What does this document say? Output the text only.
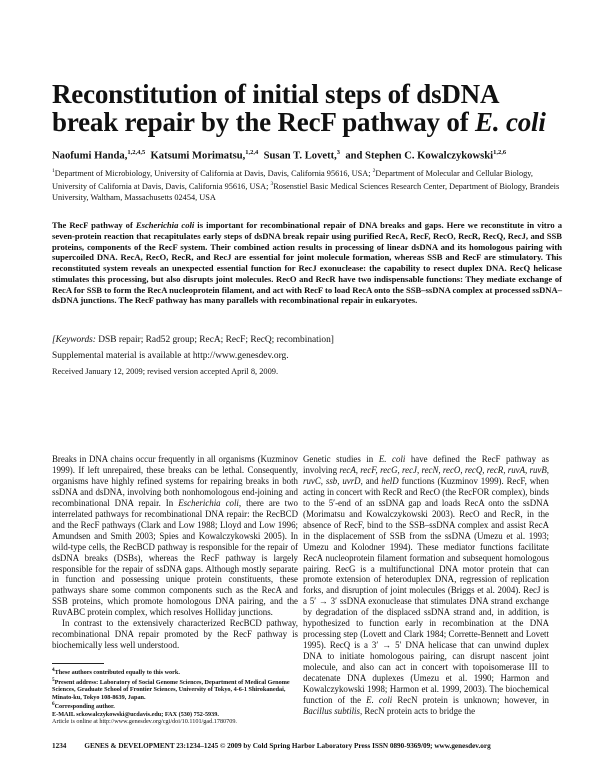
Reconstitution of initial steps of dsDNA break repair by the RecF pathway of E. coli
Naofumi Handa,$^{1,2,4,5}$ Katsumi Morimatsu,$^{1,2,4}$ Susan T. Lovett,$^3$ and Stephen C. Kowalczykowski$^{1,2,6}$

$^1$Department of Microbiology, University of California at Davis, Davis, California 95616, USA; $^2$Department of Molecular and Cellular Biology, University of California at Davis, Davis, California 95616, USA; $^3$Rosenstiel Basic Medical Sciences Research Center, Department of Biology, Brandeis University, Waltham, Massachusetts 02454, USA

The RecF pathway of Escherichia coli is important for recombinational repair of DNA breaks and gaps. Here we reconstitute in vitro a seven-protein reaction that recapitulates early steps of dsDNA break repair using purified RecA, RecF, RecO, RecR, RecQ, RecJ, and SSB proteins, components of the RecF system. Their combined action results in processing of linear dsDNA and its homologous pairing with supercoiled DNA. RecA, RecO, RecR, and RecJ are essential for joint molecule formation, whereas SSB and RecF are stimulatory. This reconstituted system reveals an unexpected essential function for RecJ exonuclease: the capability to resect duplex DNA. RecQ helicase stimulates this processing, but also disrupts joint molecules. RecO and RecR have two indispensable functions: They mediate exchange of RecA for SSB to form the RecA nucleoprotein filament, and act with RecF to load RecA onto the SSB–ssDNA complex at processed ssDNA–dsDNA junctions. The RecF pathway has many parallels with recombinational repair in eukaryotes.

[Keywords: DSB repair; Rad52 group; RecA; RecF; RecQ; recombination]
Supplemental material is available at http://www.genesdev.org.
Received January 12, 2009; revised version accepted April 8, 2009.

Breaks in DNA chains occur frequently in all organisms (Kuzminov 1999). If left unrepaired, these breaks can be lethal. Consequently, organisms have highly refined systems for repairing breaks in both ssDNA and dsDNA, involving both nonhomologous end-joining and recombinational DNA repair. In Escherichia coli, there are two interrelated pathways for recombinational DNA repair: the RecBCD and the RecF pathways (Clark and Low 1988; Lloyd and Low 1996; Amundsen and Smith 2003; Spies and Kowalczykowski 2005). In wild-type cells, the RecBCD pathway is responsible for the repair of dsDNA breaks (DSBs), whereas the RecF pathway is largely responsible for the repair of ssDNA gaps. Although mostly separate in function and possessing unique protein constituents, these pathways share some common components such as the RecA and SSB proteins, which promote homologous DNA pairing, and the RuvABC protein complex, which resolves Holliday junctions.

In contrast to the extensively characterized RecBCD pathway, recombinational DNA repair promoted by the RecF pathway is biochemically less well understood.

$^4$These authors contributed equally to this work.

$^5$Present address: Laboratory of Social Genome Sciences, Department of Medical Genome Sciences, Graduate School of Frontier Sciences, University of Tokyo, 4-6-1 Shirokanedai, Minato-ku, Tokyo 108-8639, Japan.

$^6$Corresponding author.

E-MAIL sckowalczykowski@ucdavis.edu; FAX (530) 752-5939.

Article is online at http://www.genesdev.org/cgi/doi/10.1101/gad.1780709.

Genetic studies in E. coli have defined the RecF pathway as involving recA, recF, recG, recJ, recN, recO, recQ, recR, ruvA, ruvB, ruvC, ssb, uvrD, and helD functions (Kuzminov 1999). RecF, when acting in concert with RecR and RecO (the RecFOR complex), binds to the 5′-end of an ssDNA gap and loads RecA onto the ssDNA (Morimatsu and Kowalczykowski 2003). RecO and RecR, in the absence of RecF, bind to the SSB–ssDNA complex and assist RecA in the displacement of SSB from the ssDNA (Umezu et al. 1993; Umezu and Kolodner 1994). These mediator functions facilitate RecA nucleoprotein filament formation and subsequent homologous pairing. RecG is a multifunctional DNA motor protein that can promote extension of heteroduplex DNA, regression of replication forks, and disruption of joint molecules (Briggs et al. 2004). RecJ is a 5′ → 3′ ssDNA exonuclease that stimulates DNA strand exchange by degradation of the displaced ssDNA strand and, in addition, is hypothesized to function early in recombination at the DNA processing step (Lovett and Clark 1984; Corrette-Bennett and Lovett 1995). RecQ is a 3′ → 5′ DNA helicase that can unwind duplex DNA to initiate homologous pairing, can disrupt nascent joint molecule, and also can act in concert with topoisomerase III to decatenate DNA duplexes (Umezu et al. 1990; Harmon and Kowalczykowski 1998; Harmon et al. 1999, 2003). The biochemical function of the E. coli RecN protein is unknown; however, in Bacillus subtilis, RecN protein acts to bridge the

1234	GENES & DEVELOPMENT 23:1234–1245 © 2009 by Cold Spring Harbor Laboratory Press ISSN 0890-9369/09; www.genesdev.org
